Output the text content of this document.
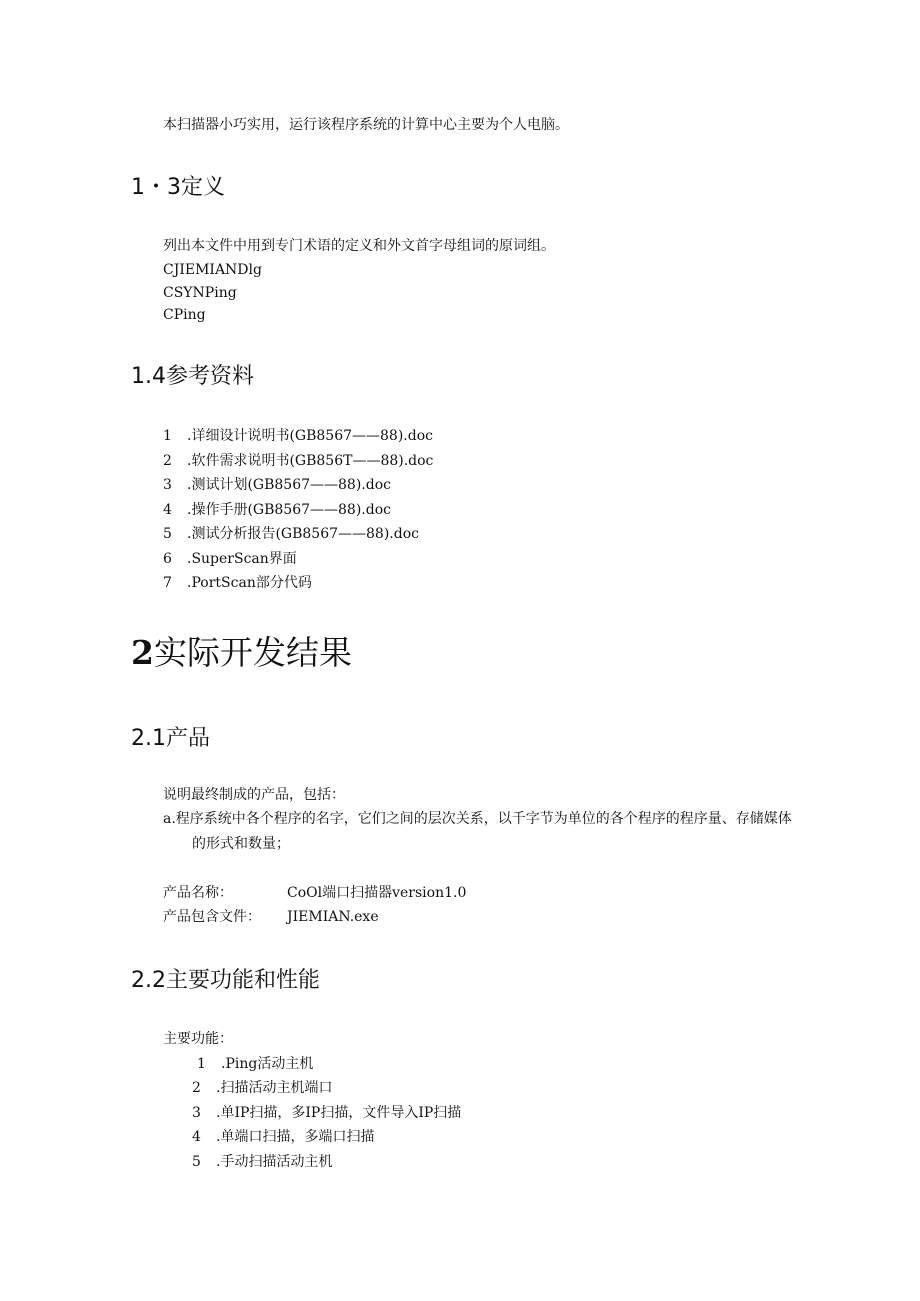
本扫描器小巧实用，运行该程序系统的计算中心主要为个人电脑。
1・3定义
列出本文件中用到专门术语的定义和外文首字母组词的原词组。
CJIEMIANDlg
CSYNPing
CPing
1.4参考资料
1	.详细设计说明书(GB8567——88).doc
2	.软件需求说明书(GB856T——88).doc
3	.测试计划(GB8567——88).doc
4	.操作手册(GB8567——88).doc
5	.测试分析报告(GB8567——88).doc
6	.SuperScan界面
7	.PortScan部分代码
2实际开发结果
2.1产品
说明最终制成的产品，包括：
a.程序系统中各个程序的名字，它们之间的层次关系，以千字节为单位的各个程序的程序量、存储媒体
的形式和数量；
产品名称：	CoOl端口扫描器version1.0
产品包含文件： JIEMIAN.exe
2.2主要功能和性能
主要功能：
1	.Ping活动主机
2	.扫描活动主机端口
3	.单IP扫描，多IP扫描，文件导入IP扫描
4	.单端口扫描，多端口扫描
5	.手动扫描活动主机
